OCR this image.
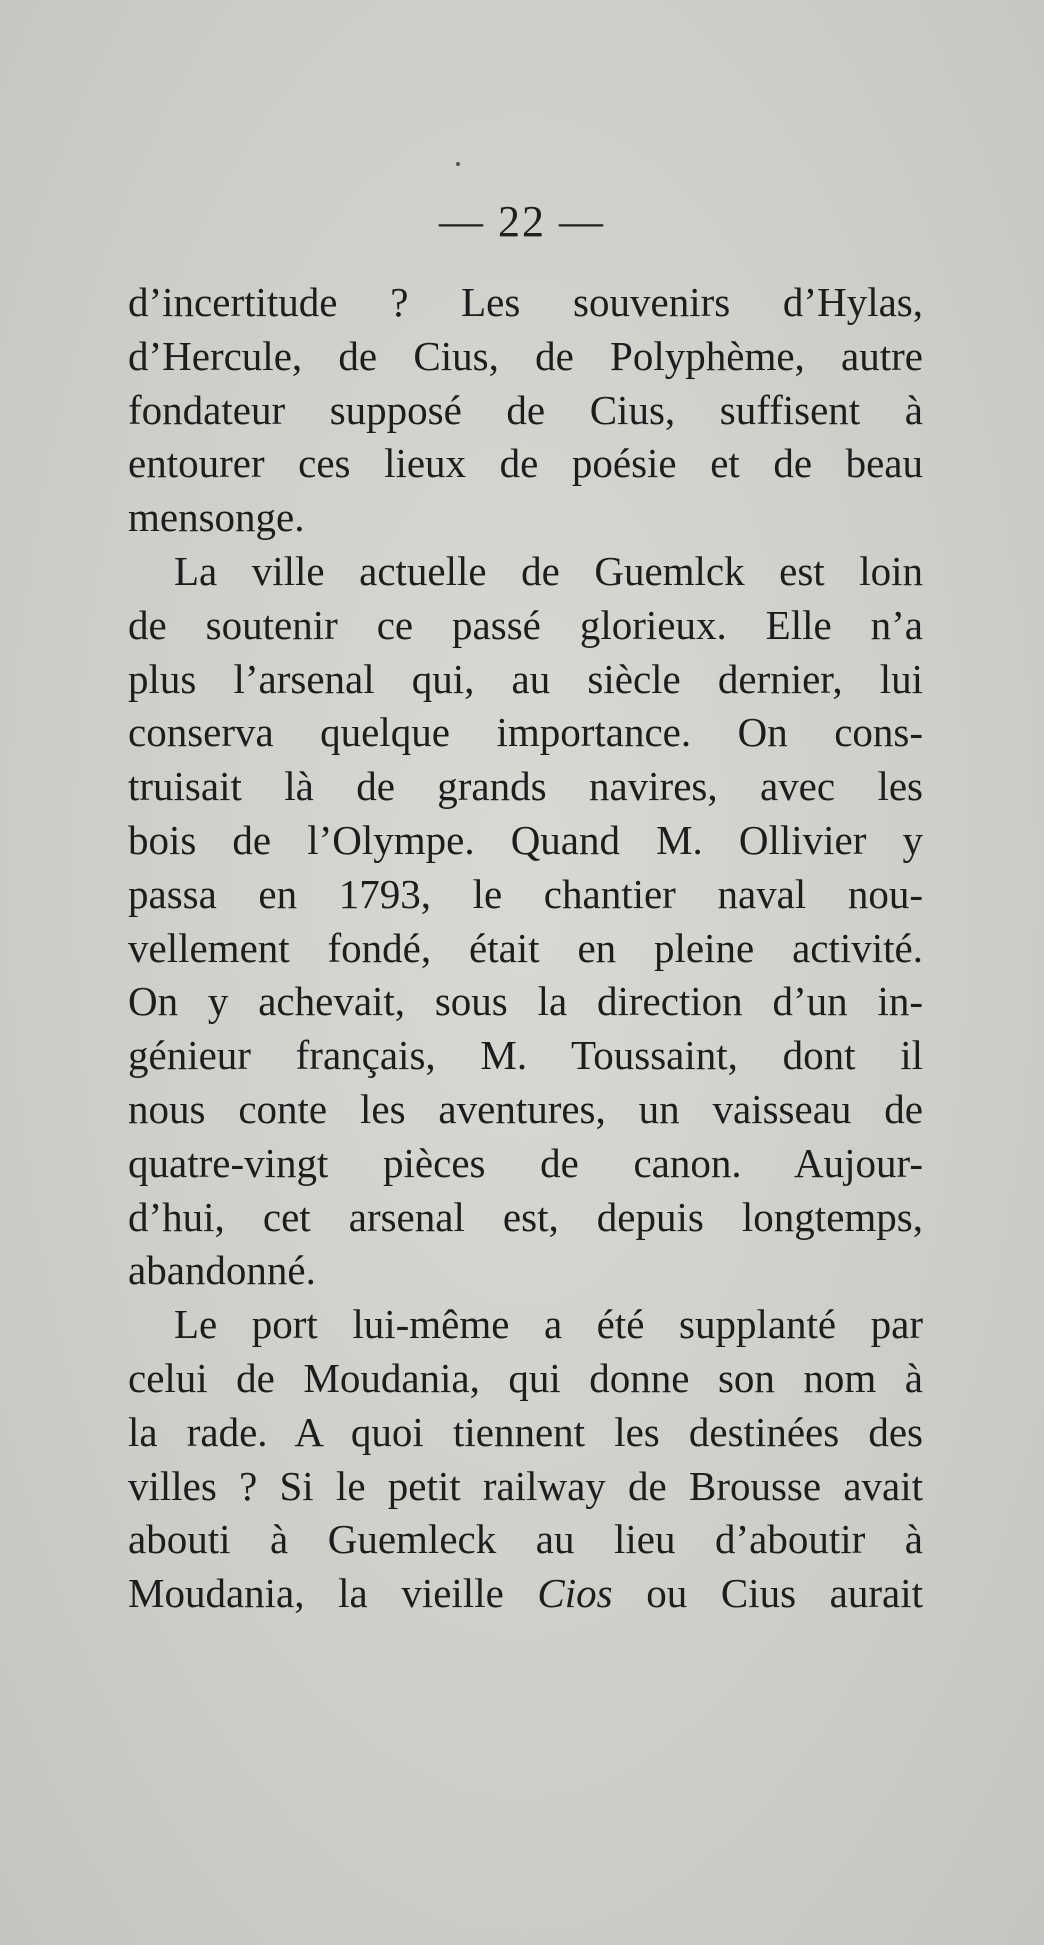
— 22 —
d’incertitude ? Les souvenirs d’Hylas,
d’Hercule, de Cius, de Polyphème, autre
fondateur supposé de Cius, suffisent à
entourer ces lieux de poésie et de beau
mensonge.
La ville actuelle de Guemlck est loin
de soutenir ce passé glorieux. Elle n’a
plus l’arsenal qui, au siècle dernier, lui
conserva quelque importance. On cons-
truisait là de grands navires, avec les
bois de l’Olympe. Quand M. Ollivier y
passa en 1793, le chantier naval nou-
vellement fondé, était en pleine activité.
On y achevait, sous la direction d’un in-
génieur français, M. Toussaint, dont il
nous conte les aventures, un vaisseau de
quatre-vingt pièces de canon. Aujour-
d’hui, cet arsenal est, depuis longtemps,
abandonné.
Le port lui-même a été supplanté par
celui de Moudania, qui donne son nom à
la rade. A quoi tiennent les destinées des
villes ? Si le petit railway de Brousse avait
abouti à Guemleck au lieu d’aboutir à
Moudania, la vieille Cios ou Cius aurait
